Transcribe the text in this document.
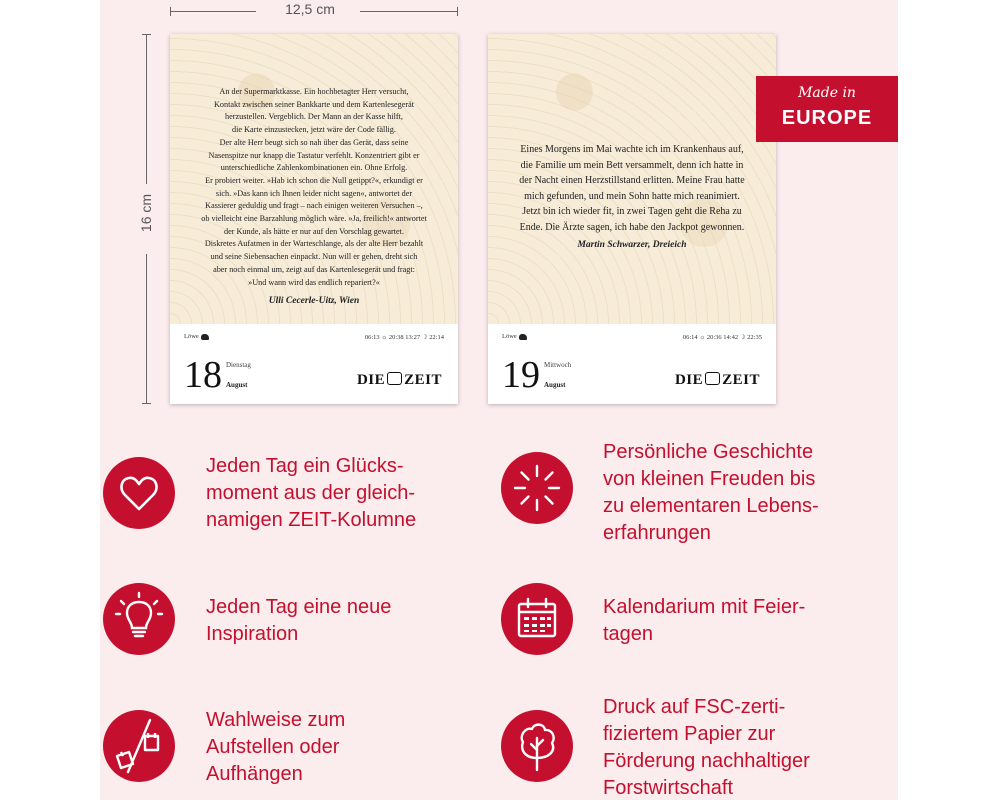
12,5 cm
16 cm
An der Supermarktkasse. Ein hochbetagter Herr versucht,
Kontakt zwischen seiner Bankkarte und dem Kartenlesegerät
herzustellen. Vergeblich. Der Mann an der Kasse hilft,
die Karte einzustecken, jetzt wäre der Code fällig.
Der alte Herr beugt sich so nah über das Gerät, dass seine
Nasenspitze nur knapp die Tastatur verfehlt. Konzentriert gibt er
unterschiedliche Zahlenkombinationen ein. Ohne Erfolg.
Er probiert weiter. »Hab ich schon die Null getippt?«, erkundigt er
sich. »Das kann ich Ihnen leider nicht sagen«, antwortet der
Kassierer geduldig und fragt – nach einigen weiteren Versuchen –,
ob vielleicht eine Barzahlung möglich wäre. »Ja, freilich!« antwortet
der Kunde, als hätte er nur auf den Vorschlag gewartet.
Diskretes Aufatmen in der Warteschlange, als der alte Herr bezahlt
und seine Siebensachen einpackt. Nun will er gehen, dreht sich
aber noch einmal um, zeigt auf das Kartenlesegerät und fragt:
»Und wann wird das endlich repariert?«
Ulli Cecerle-Uitz, Wien
Löwe	06:13 ☼ 20:38 13:27 ☽ 22:14
18 Dienstag
August	DIE ZEIT
Eines Morgens im Mai wachte ich im Krankenhaus auf,
die Familie um mein Bett versammelt, denn ich hatte in
der Nacht einen Herzstillstand erlitten. Meine Frau hatte
mich gefunden, und mein Sohn hatte mich reanimiert.
Jetzt bin ich wieder fit, in zwei Tagen geht die Reha zu
Ende. Die Ärzte sagen, ich habe den Jackpot gewonnen.
Martin Schwarzer, Dreieich
Löwe	06:14 ☼ 20:36 14:42 ☽ 22:35
19 Mittwoch
August	DIE ZEIT
Made in
EUROPE
Jeden Tag ein Glücks-
moment aus der gleich-
namigen ZEIT-Kolumne
Persönliche Geschichte
von kleinen Freuden bis
zu elementaren Lebens-
erfahrungen
Jeden Tag eine neue
Inspiration
Kalendarium mit Feier-
tagen
Wahlweise zum
Aufstellen oder
Aufhängen
Druck auf FSC-zerti-
fiziertem Papier zur
Förderung nachhaltiger
Forstwirtschaft
